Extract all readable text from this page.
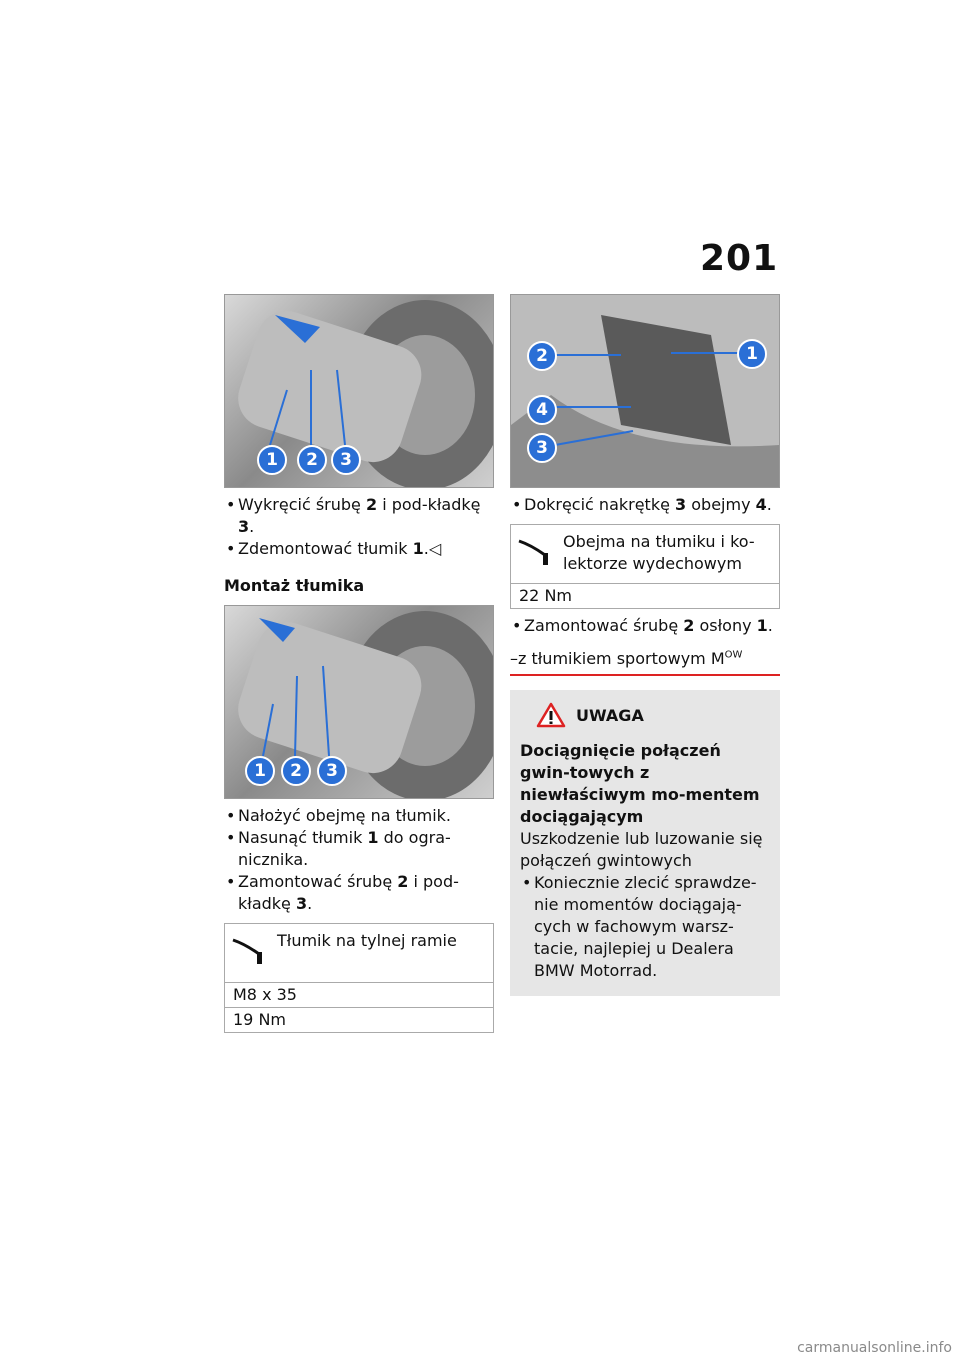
201
1	2	3

• Wykręcić śrubę 2 i pod-kładkę 3.

• Zdemontować tłumik 1.◁

Montaż tłumika
1	2	3

• Nałożyć obejmę na tłumik.

• Nasunąć tłumik 1 do ogra-nicznika.

• Zamontować śrubę 2 i pod-kładkę 3.

Tłumik na tylnej ramie
M8 x 35
19 Nm
2	1
4
3

• Dokręcić nakrętkę 3 obejmy 4.

Obejma na tłumiku i ko-lektorze wydechowym
22 Nm

• Zamontować śrubę 2 osłony 1.

–z tłumikiem sportowym $M^{OW}$
UWAGA
Dociągnięcie połączeń gwin-towych z niewłaściwym mo-mentem dociągającym
Uszkodzenie lub luzowanie się połączeń gwintowych

• Koniecznie zlecić sprawdze-nie momentów dociągają-cych w fachowym warsz-tacie, najlepiej u Dealera BMW Motorrad.

carmanualsonline.info
